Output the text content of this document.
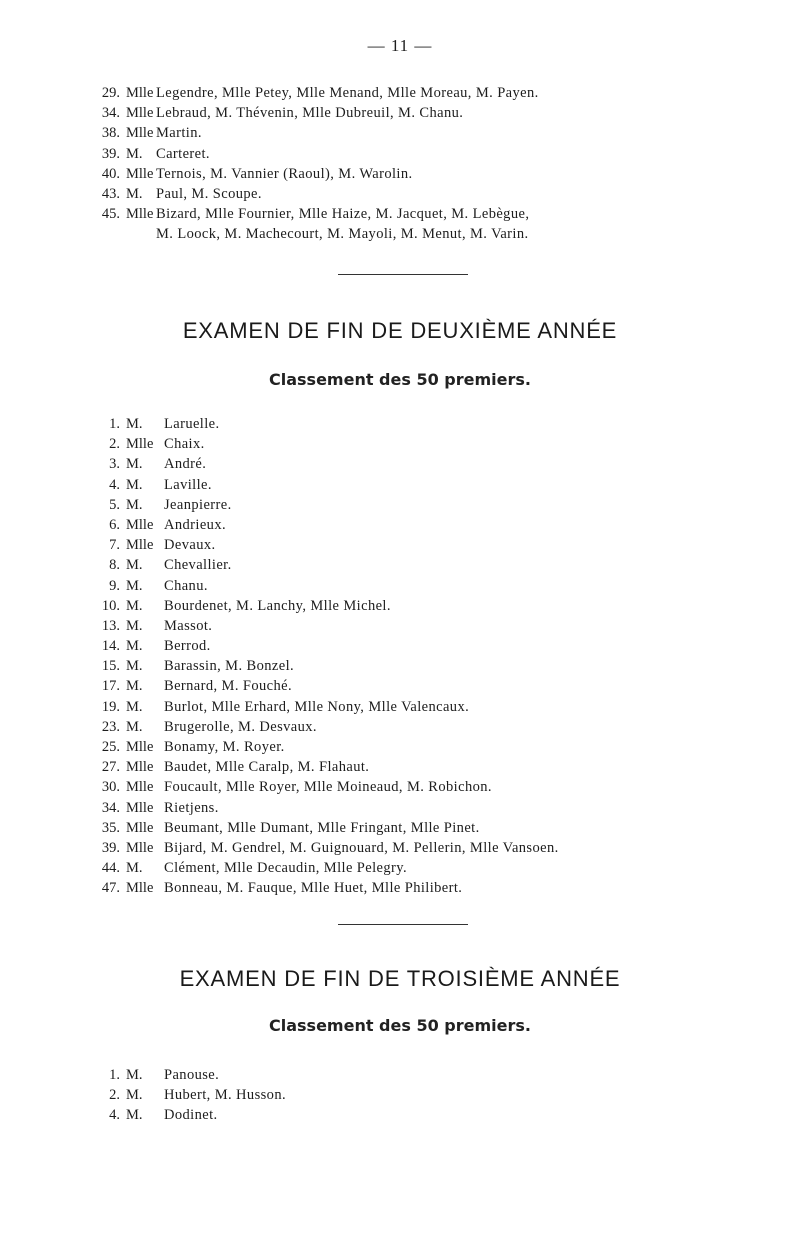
— 11 —
29. Mlle Legendre, Mlle Petey, Mlle Menand, Mlle Moreau, M. Payen.
34. Mlle Lebraud, M. Thévenin, Mlle Dubreuil, M. Chanu.
38. Mlle Martin.
39. M. Carteret.
40. Mlle Ternois, M. Vannier (Raoul), M. Warolin.
43. M. Paul, M. Scoupe.
45. Mlle Bizard, Mlle Fournier, Mlle Haize, M. Jacquet, M. Lebègue,
M. Loock, M. Machecourt, M. Mayoli, M. Menut, M. Varin.
EXAMEN DE FIN DE DEUXIÈME ANNÉE
Classement des 50 premiers.
1. M. Laruelle.
2. Mlle Chaix.
3. M. André.
4. M. Laville.
5. M. Jeanpierre.
6. Mlle Andrieux.
7. Mlle Devaux.
8. M. Chevallier.
9. M. Chanu.
10. M. Bourdenet, M. Lanchy, Mlle Michel.
13. M. Massot.
14. M. Berrod.
15. M. Barassin, M. Bonzel.
17. M. Bernard, M. Fouché.
19. M. Burlot, Mlle Erhard, Mlle Nony, Mlle Valencaux.
23. M. Brugerolle, M. Desvaux.
25. Mlle Bonamy, M. Royer.
27. Mlle Baudet, Mlle Caralp, M. Flahaut.
30. Mlle Foucault, Mlle Royer, Mlle Moineaud, M. Robichon.
34. Mlle Rietjens.
35. Mlle Beumant, Mlle Dumant, Mlle Fringant, Mlle Pinet.
39. Mlle Bijard, M. Gendrel, M. Guignouard, M. Pellerin, Mlle Vansoen.
44. M. Clément, Mlle Decaudin, Mlle Pelegry.
47. Mlle Bonneau, M. Fauque, Mlle Huet, Mlle Philibert.
EXAMEN DE FIN DE TROISIÈME ANNÉE
Classement des 50 premiers.
1. M. Panouse.
2. M. Hubert, M. Husson.
4. M. Dodinet.
